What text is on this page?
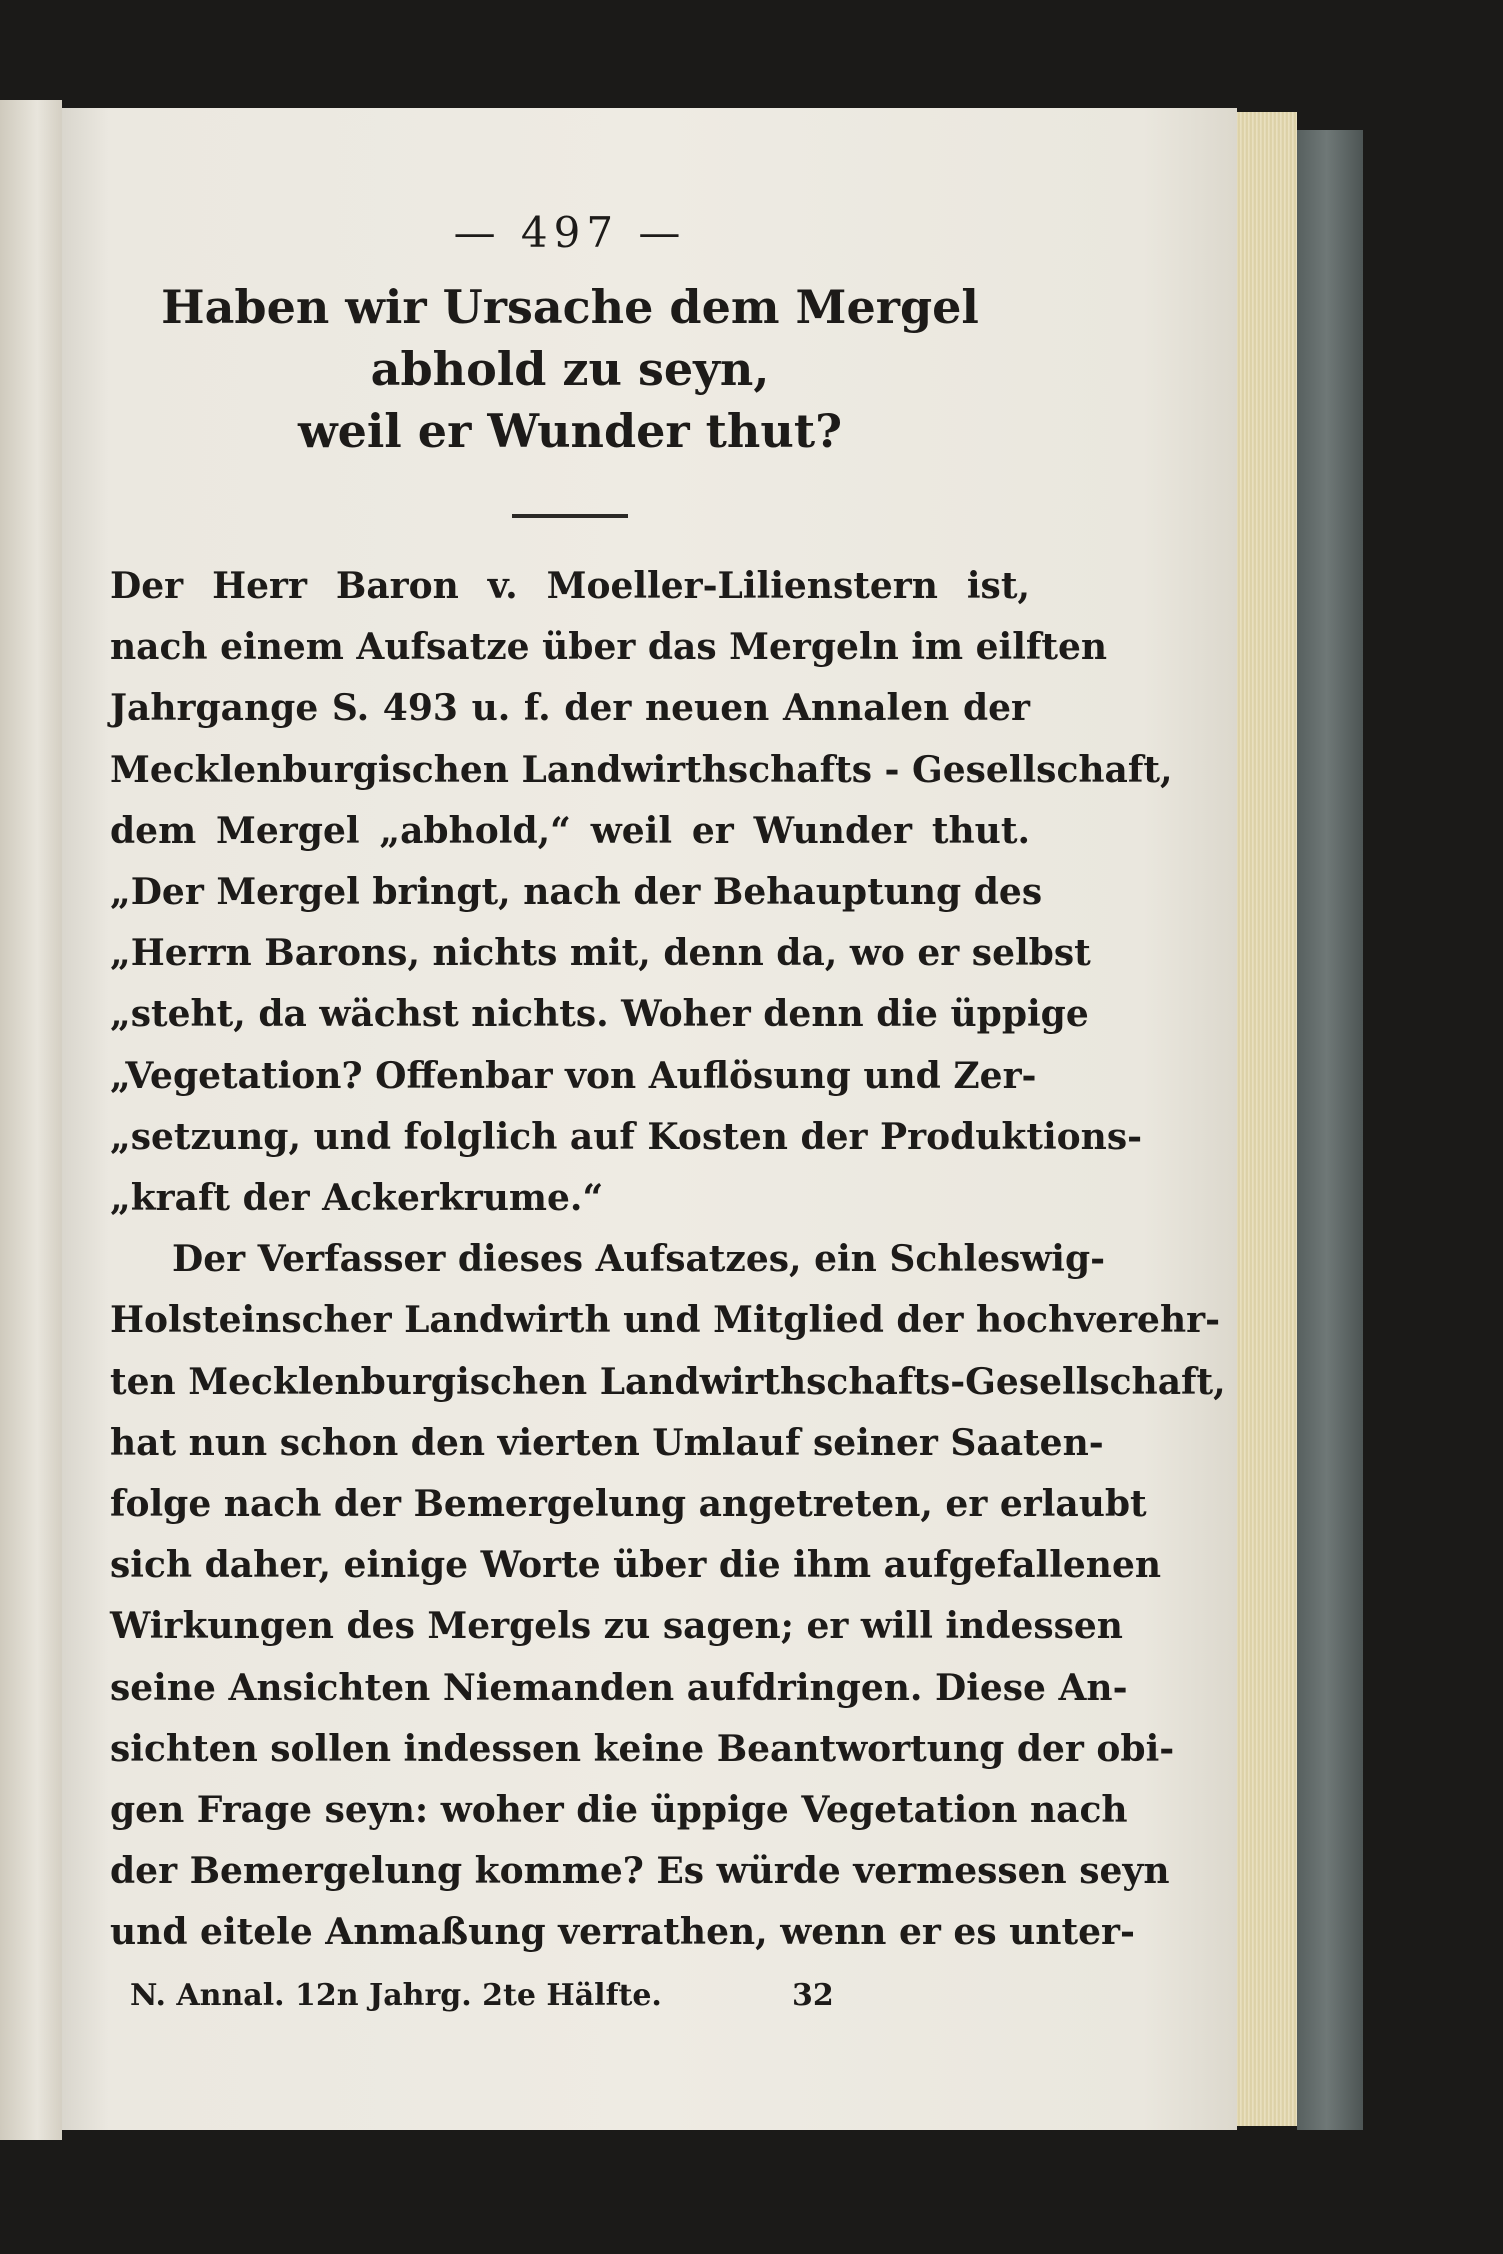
— 497 —
Haben wir Ursache dem Mergel abhold zu seyn,
weil er Wunder thut?

Der Herr Baron v. Moeller-Lilienstern ist,

nach einem Aufsatze über das Mergeln im eilften

Jahrgange S. 493 u. f. der neuen Annalen der

Mecklenburgischen Landwirthschafts - Gesellschaft,

dem Mergel „abhold,“ weil er Wunder thut.

„Der Mergel bringt, nach der Behauptung des

„Herrn Barons, nichts mit, denn da, wo er selbst

„steht, da wächst nichts. Woher denn die üppige

„Vegetation? Offenbar von Auflösung und Zer-

„setzung, und folglich auf Kosten der Produktions-

„kraft der Ackerkrume.“

Der Verfasser dieses Aufsatzes, ein Schleswig-

Holsteinscher Landwirth und Mitglied der hochverehr-

ten Mecklenburgischen Landwirthschafts-Gesellschaft,

hat nun schon den vierten Umlauf seiner Saaten-

folge nach der Bemergelung angetreten, er erlaubt

sich daher, einige Worte über die ihm aufgefallenen

Wirkungen des Mergels zu sagen; er will indessen

seine Ansichten Niemanden aufdringen. Diese An-

sichten sollen indessen keine Beantwortung der obi-

gen Frage seyn: woher die üppige Vegetation nach

der Bemergelung komme? Es würde vermessen seyn

und eitele Anmaßung verrathen, wenn er es unter-

N. Annal. 12n Jahrg. 2te Hälfte.	32
